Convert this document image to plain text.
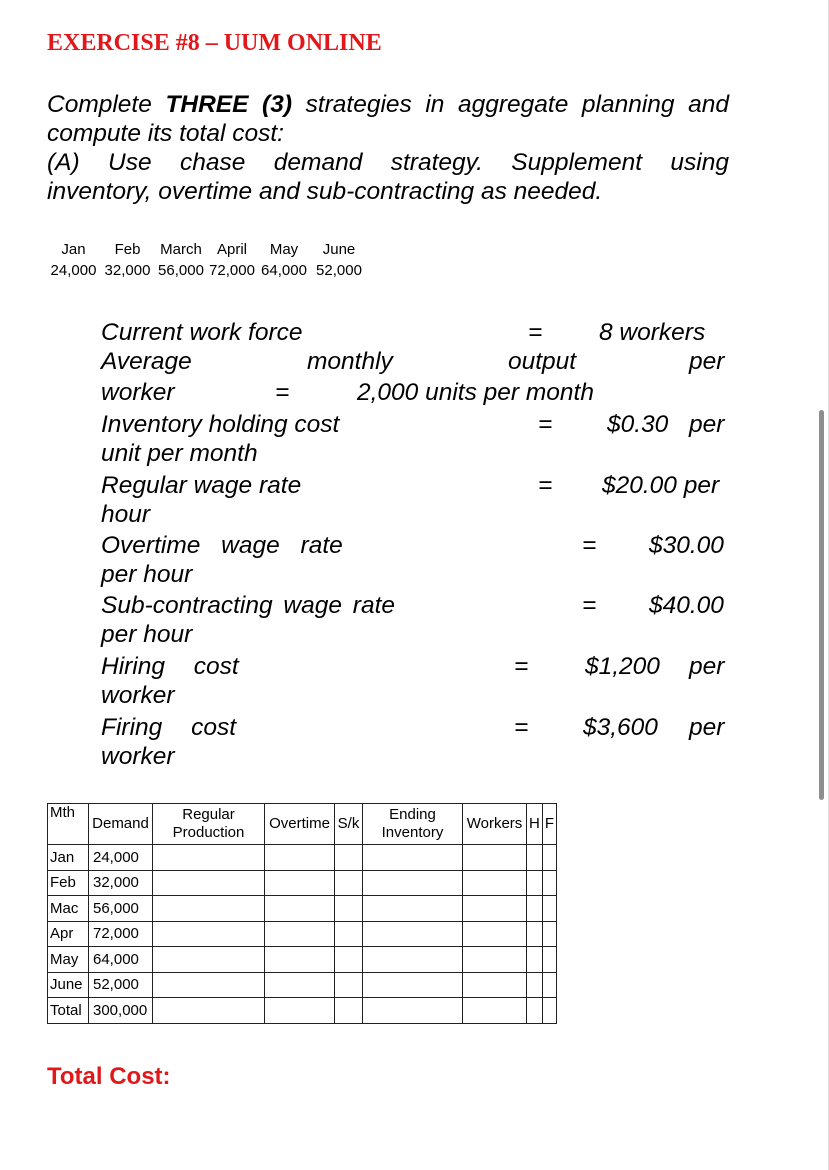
EXERCISE #8 – UUM ONLINE

Complete THREE (3) strategies in aggregate planning and

compute its total cost:

(A) Use chase demand strategy. Supplement using

inventory, overtime and sub-contracting as needed.

Jan	Feb	March	April	May	June
24,000 32,000 56,000 72,000 64,000 52,000
Current work force	= 8 workers
Average	monthly	output	per
worker	=	2,000 units per month
Inventory holding cost	= $0.30 per
unit per month
Regular wage rate	= $20.00 per
hour
Overtime wage rate	= $30.00
per hour
Sub-contracting wage rate	= $40.00
per hour
Hiring cost	= $1,200 per
worker
Firing cost	= $3,600 per
worker
Mth	Demand	Regular Production	Overtime	S/k	Ending Inventory	Workers	H	F
Jan	24,000							
Feb	32,000							
Mac	56,000							
Apr	72,000							
May	64,000							
June	52,000							
Total	300,000							
Total Cost:
